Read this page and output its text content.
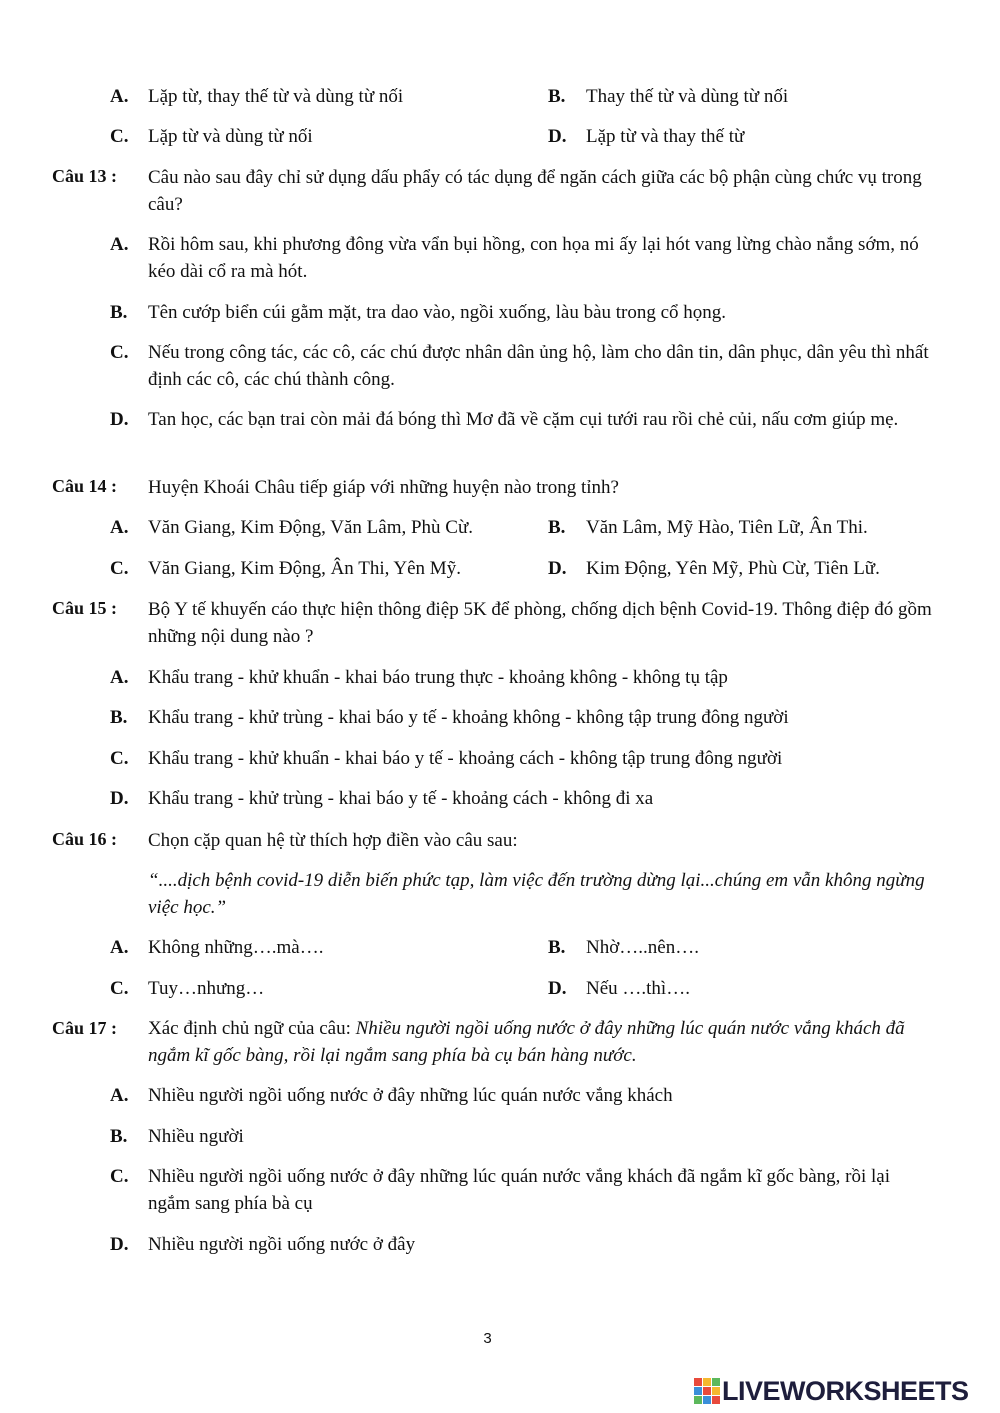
A. Lặp từ, thay thế từ và dùng từ nối	B. Thay thế từ và dùng từ nối
C. Lặp từ và dùng từ nối	D. Lặp từ và thay thế từ
Câu 13 : Câu nào sau đây chỉ sử dụng dấu phẩy có tác dụng để ngăn cách giữa các bộ phận cùng chức vụ trong câu?
A. Rồi hôm sau, khi phương đông vừa vẩn bụi hồng, con họa mi ấy lại hót vang lừng chào nắng sớm, nó kéo dài cổ ra mà hót.
B. Tên cướp biển cúi gằm mặt, tra dao vào, ngồi xuống, làu bàu trong cổ họng.
C. Nếu trong công tác, các cô, các chú được nhân dân ủng hộ, làm cho dân tin, dân phục, dân yêu thì nhất định các cô, các chú thành công.
D. Tan học, các bạn trai còn mải đá bóng thì Mơ đã về cặm cụi tưới rau rồi chẻ củi, nấu cơm giúp mẹ.
Câu 14 : Huyện Khoái Châu tiếp giáp với những huyện nào trong tỉnh?
A. Văn Giang, Kim Động, Văn Lâm, Phù Cừ.	B. Văn Lâm, Mỹ Hào, Tiên Lữ, Ân Thi.
C. Văn Giang, Kim Động, Ân Thi, Yên Mỹ.	D. Kim Động, Yên Mỹ, Phù Cừ, Tiên Lữ.
Câu 15 : Bộ Y tế khuyến cáo thực hiện thông điệp 5K để phòng, chống dịch bệnh Covid-19. Thông điệp đó gồm những nội dung nào ?
A. Khẩu trang - khử khuẩn - khai báo trung thực - khoảng không - không tụ tập
B. Khẩu trang - khử trùng - khai báo y tế - khoảng không - không tập trung đông người
C. Khẩu trang - khử khuẩn - khai báo y tế - khoảng cách - không tập trung đông người
D. Khẩu trang - khử trùng - khai báo y tế - khoảng cách - không đi xa
Câu 16 : Chọn cặp quan hệ từ thích hợp điền vào câu sau:
“....dịch bệnh covid-19 diễn biến phức tạp, làm việc đến trường dừng lại...chúng em vẫn không ngừng việc học.”
A. Không những….mà….	B. Nhờ…..nên….
C. Tuy…nhưng…	D. Nếu ….thì….
Câu 17 : Xác định chủ ngữ của câu: Nhiều người ngồi uống nước ở đây những lúc quán nước vắng khách đã ngắm kĩ gốc bàng, rồi lại ngắm sang phía bà cụ bán hàng nước.
A. Nhiều người ngồi uống nước ở đây những lúc quán nước vắng khách
B. Nhiều người
C. Nhiều người ngồi uống nước ở đây những lúc quán nước vắng khách đã ngắm kĩ gốc bàng, rồi lại ngắm sang phía bà cụ
D. Nhiều người ngồi uống nước ở đây
3
LIVEWORKSHEETS
